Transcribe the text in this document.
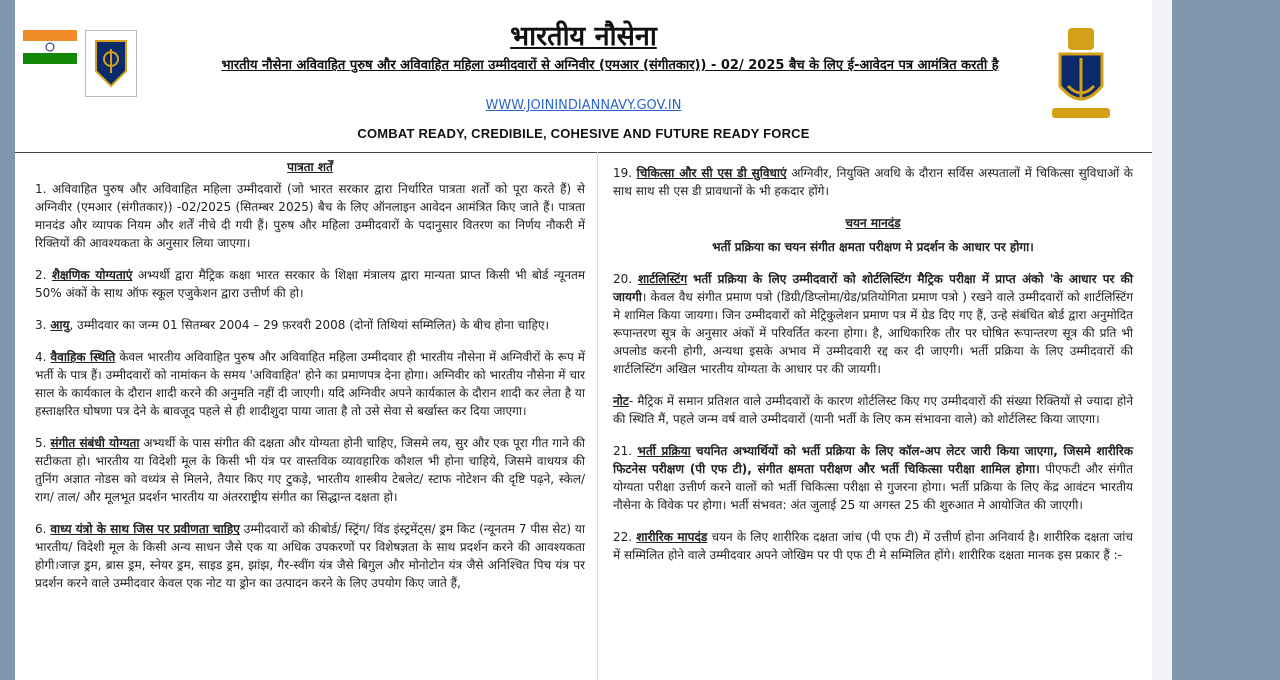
भारतीय नौसेना
भारतीय नौसेना अविवाहित पुरुष और अविवाहित महिला उम्मीदवारों से अग्निवीर (एमआर (संगीतकार)) - 02/ 2025 बैच के लिए ई-आवेदन पत्र आमंत्रित करती है
WWW.JOININDIANNAVY.GOV.IN
COMBAT READY, CREDIBILE, COHESIVE AND FUTURE READY FORCE
पात्रता शर्तें

1. अविवाहित पुरुष और अविवाहित महिला उम्मीदवारों (जो भारत सरकार द्वारा निर्धारित पात्रता शर्तों को पूरा करते हैं) से अग्निवीर (एमआर (संगीतकार)) -02/2025 (सितम्बर 2025) बैच के लिए ऑनलाइन आवेदन आमंत्रित किए जाते हैं। पात्रता मानदंड और व्यापक नियम और शर्तें नीचे दी गयी हैं। पुरुष और महिला उम्मीदवारों के पदानुसार वितरण का निर्णय नौकरी में रिक्तियों की आवश्यकता के अनुसार लिया जाएगा।

2. शैक्षणिक योग्यताएं अभ्यर्थी द्वारा मैट्रिक कक्षा भारत सरकार के शिक्षा मंत्रालय द्वारा मान्यता प्राप्त किसी भी बोर्ड न्यूनतम 50% अंकों के साथ ऑफ स्कूल एजुकेशन द्वारा उत्तीर्ण की हो।

3. आयु, उम्मीदवार का जन्म 01 सितम्बर 2004 – 29 फ़रवरी 2008 (दोनों तिथियां सम्मिलित) के बीच होना चाहिए।

4. वैवाहिक स्थिति केवल भारतीय अविवाहित पुरुष और अविवाहित महिला उम्मीदवार ही भारतीय नौसेना में अग्निवीरों के रूप में भर्ती के पात्र हैं। उम्मीदवारों को नामांकन के समय 'अविवाहित' होने का प्रमाणपत्र देना होगा। अग्निवीर को भारतीय नौसेना में चार साल के कार्यकाल के दौरान शादी करने की अनुमति नहीं दी जाएगी। यदि अग्निवीर अपने कार्यकाल के दौरान शादी कर लेता है या हस्ताक्षरित घोषणा पत्र देने के बावजूद पहले से ही शादीशुदा पाया जाता है तो उसे सेवा से बर्खास्त कर दिया जाएगा।

5. संगीत संबंधी योग्यता अभ्यर्थी के पास संगीत की दक्षता और योग्यता होनी चाहिए, जिसमे लय, सुर और एक पूरा गीत गाने की सटीकता हो। भारतीय या विदेशी मूल के किसी भी यंत्र पर वास्तविक व्यावहारिक कौशल भी होना चाहिये, जिसमे वाधयत्र की तुनिंग अज्ञात नोडस को वध्यंत्र से मिलने, तैयार किए गए टुकड़े, भारतीय शास्त्रीय टेबलेट/ स्टाफ नोटेशन की दृष्टि पढ़ने, स्केल/ राग/ ताल/ और मूलभूत प्रदर्शन भारतीय या अंतरराष्ट्रीय संगीत का सिद्धान्त दक्षता हो।

6. वाध्य यंत्रो के साथ जिस पर प्रवीणता चाहिए उम्मीदवारों को कीबोर्ड/ स्ट्रिंग/ विंड इंस्ट्रमेंट्स/ ड्रम किट (न्यूनतम 7 पीस सेट) या भारतीय/ विदेशी मूल के किसी अन्य साधन जैसे एक या अधिक उपकरणों पर विशेषज्ञता के साथ प्रदर्शन करने की आवश्यकता होगी।जाज़ ड्रम, ब्रास ड्रम, स्नेयर ड्रम, साइड ड्रम, झांझ, गैर-स्वींग यंत्र जैसे बिगुल और मोनोटोन यंत्र जैसे अनिश्चित पिच यंत्र पर प्रदर्शन करने वाले उम्मीदवार केवल एक नोट या ड्रोन का उत्पादन करने के लिए उपयोग किए जाते हैं,

19. चिकित्सा और सी एस डी सुविधाएं अग्निवीर, नियुक्ति अवधि के दौरान सर्विस अस्पतालों में चिकित्सा सुविधाओं के साथ साथ सी एस डी प्रावधानों के भी हकदार होंगे।

चयन मानदंड
भर्ती प्रक्रिया का चयन संगीत क्षमता परीक्षण मे प्रदर्शन के आधार पर होगा।

20. शार्टलिस्टिंग भर्ती प्रक्रिया के लिए उम्मीदवारों को शोर्टलिस्टिंग मैट्रिक परीक्षा में प्राप्त अंको 'के आधार पर की जायगी। केवल वैध संगीत प्रमाण पत्रो (डिग्री/डिप्लोमा/ग्रेड/प्रतियोगिता प्रमाण पत्रो ) रखने वाले उम्मीदवारों को शार्टलिस्टिंग मे शामिल किया जायगा। जिन उम्मीदवारों को मेट्रिकुलेशन प्रमाण पत्र में ग्रेड दिए गए हैं, उन्हे संबंधित बोर्ड द्वारा अनुमोदित रूपान्तरण सूत्र के अनुसार अंकों में परिवर्तित करना होगा। है, आधिकारिक तौर पर घोषित रूपान्तरण सूत्र की प्रति भी अपलोड करनी होगी, अन्यथा इसके अभाव में उम्मीदवारी रद्द कर दी जाएगी। भर्ती प्रक्रिया के लिए उम्मीदवारों की शार्टलिस्टिंग अखिल भारतीय योग्यता के आधार पर की जायगी।

नोट- मैट्रिक में समान प्रतिशत वाले उम्मीदवारों के कारण शोर्टलिस्ट किए गए उम्मीदवारों की संख्या रिक्तियों से ज्यादा होने की स्थिति मैं, पहले जन्म वर्ष वाले उम्मीदवारों (यानी भर्ती के लिए कम संभावना वाले) को शोर्टलिस्ट किया जाएगा।

21. भर्ती प्रक्रिया चयनित अभ्यार्थियों को भर्ती प्रक्रिया के लिए कॉल-अप लेटर जारी किया जाएगा, जिसमे शारीरिक फिटनेस परीक्षण (पी एफ टी), संगीत क्षमता परीक्षण और भर्ती चिकित्सा परीक्षा शामिल होगा। पीएफटी और संगीत योग्यता परीक्षा उत्तीर्ण करने वालों को भर्ती चिकित्सा परीक्षा से गुजरना होगा। भर्ती प्रक्रिया के लिए केंद्र आवंटन भारतीय नौसेना के विवेक पर होगा। भर्ती संभवत: अंत जुलाई 25 या अगस्त 25 की शुरुआत मे आयोजित की जाएगी।

22. शारीरिक मापदंड चयन के लिए शारीरिक दक्षता जांच (पी एफ टी) में उत्तीर्ण होना अनिवार्य है। शारीरिक दक्षता जांच में सम्मिलित होने वाले उम्मीदवार अपने जोखिम पर पी एफ टी मे सम्मिलित होंगे। शारीरिक दक्षता मानक इस प्रकार हैं :-
